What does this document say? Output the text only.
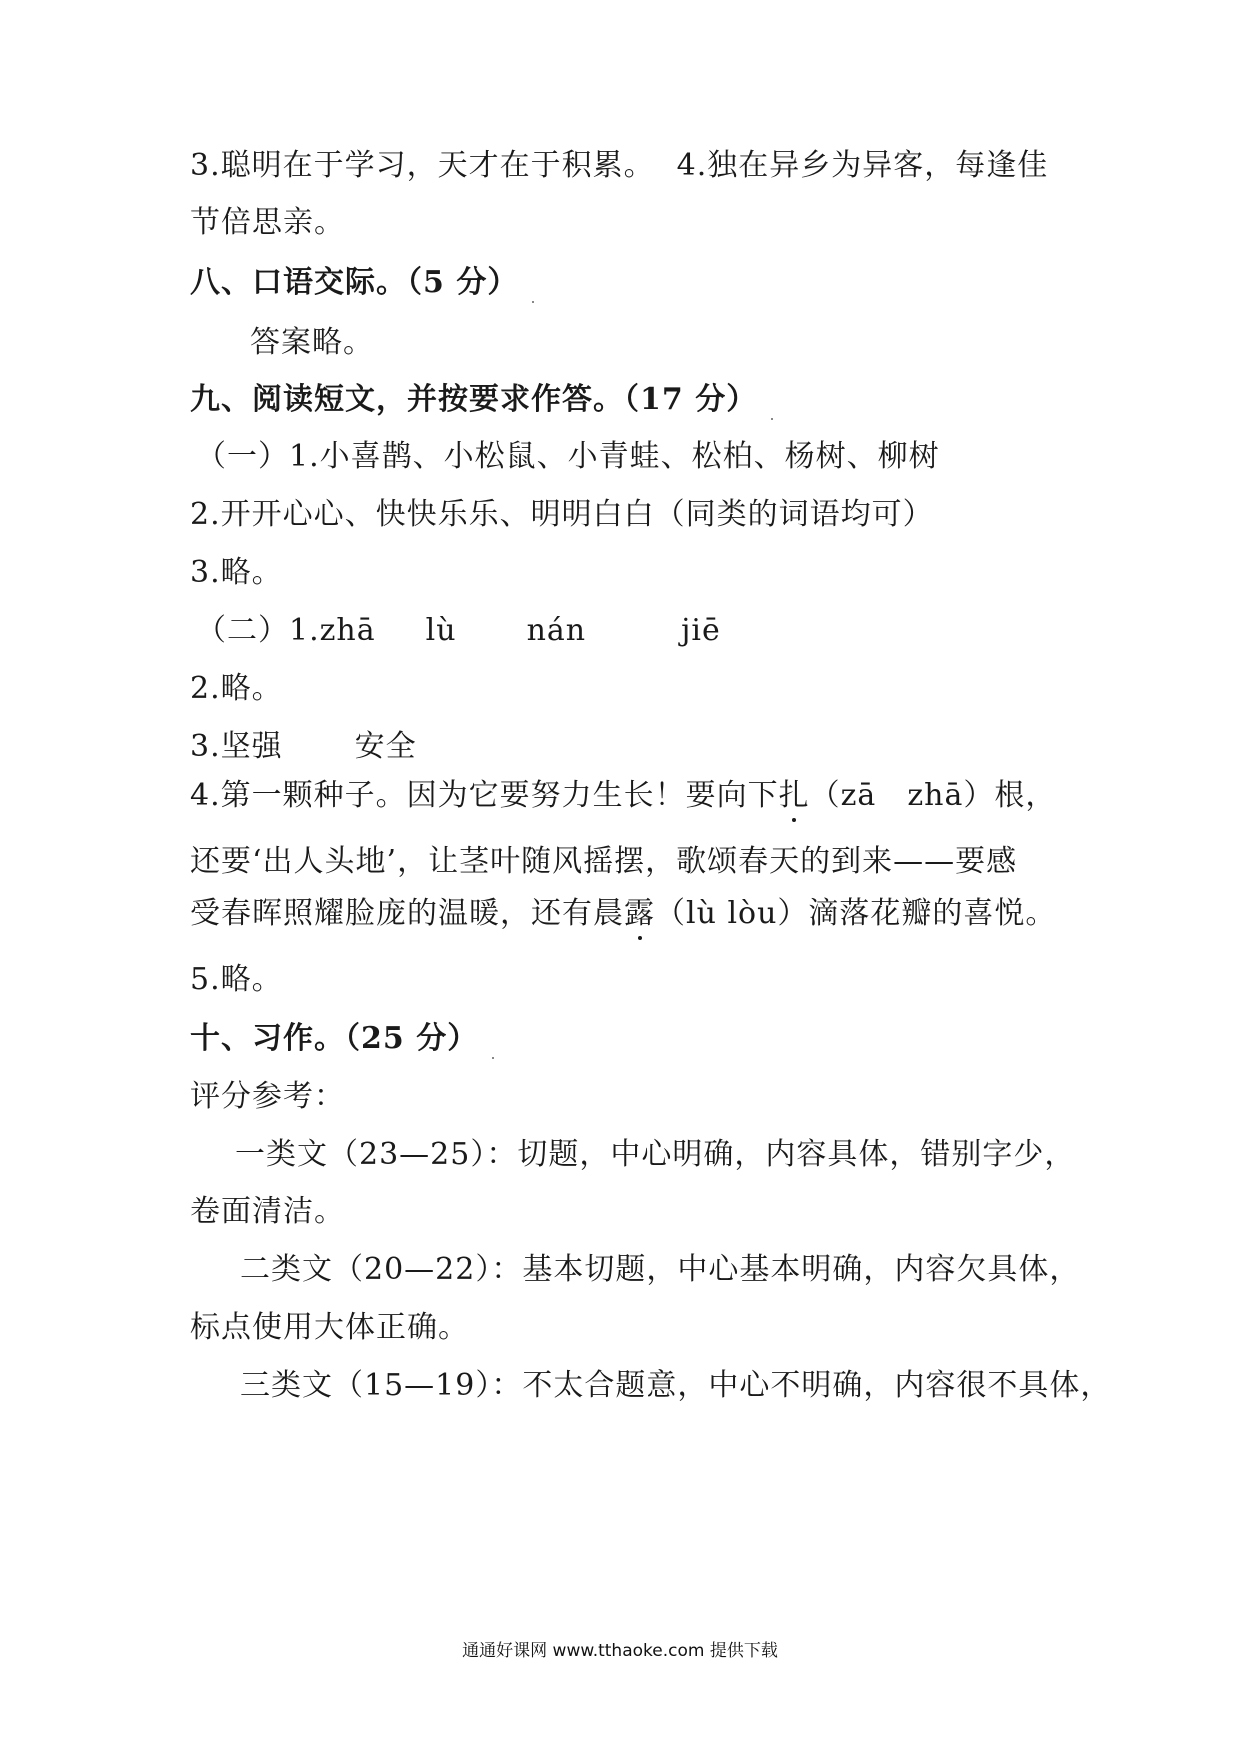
3.聪明在于学习，天才在于积累。 4.独在异乡为异客，每逢佳
节倍思亲。
八、口语交际。（5 分）
答案略。
九、阅读短文，并按要求作答。（17 分）
（一）1.小喜鹊、小松鼠、小青蛙、松柏、杨树、柳树
2.开开心心、快快乐乐、明明白白（同类的词语均可）
3.略。
（二）1.zhā lù nán	jiē
2.略。
3.坚强 安全
4.第一颗种子。因为它要努力生长！要向下扎（zā　zhā）根，
还要‘出人头地’，让茎叶随风摇摆，歌颂春天的到来——要感
受春晖照耀脸庞的温暖，还有晨露（lù lòu）滴落花瓣的喜悦。
5.略。
十、习作。（25 分）
评分参考：
一类文（23—25）：切题，中心明确，内容具体，错别字少，
卷面清洁。
二类文（20—22）：基本切题，中心基本明确，内容欠具体，
标点使用大体正确。
三类文（15—19）：不太合题意，中心不明确，内容很不具体，
通通好课网 www.tthaoke.com 提供下载
